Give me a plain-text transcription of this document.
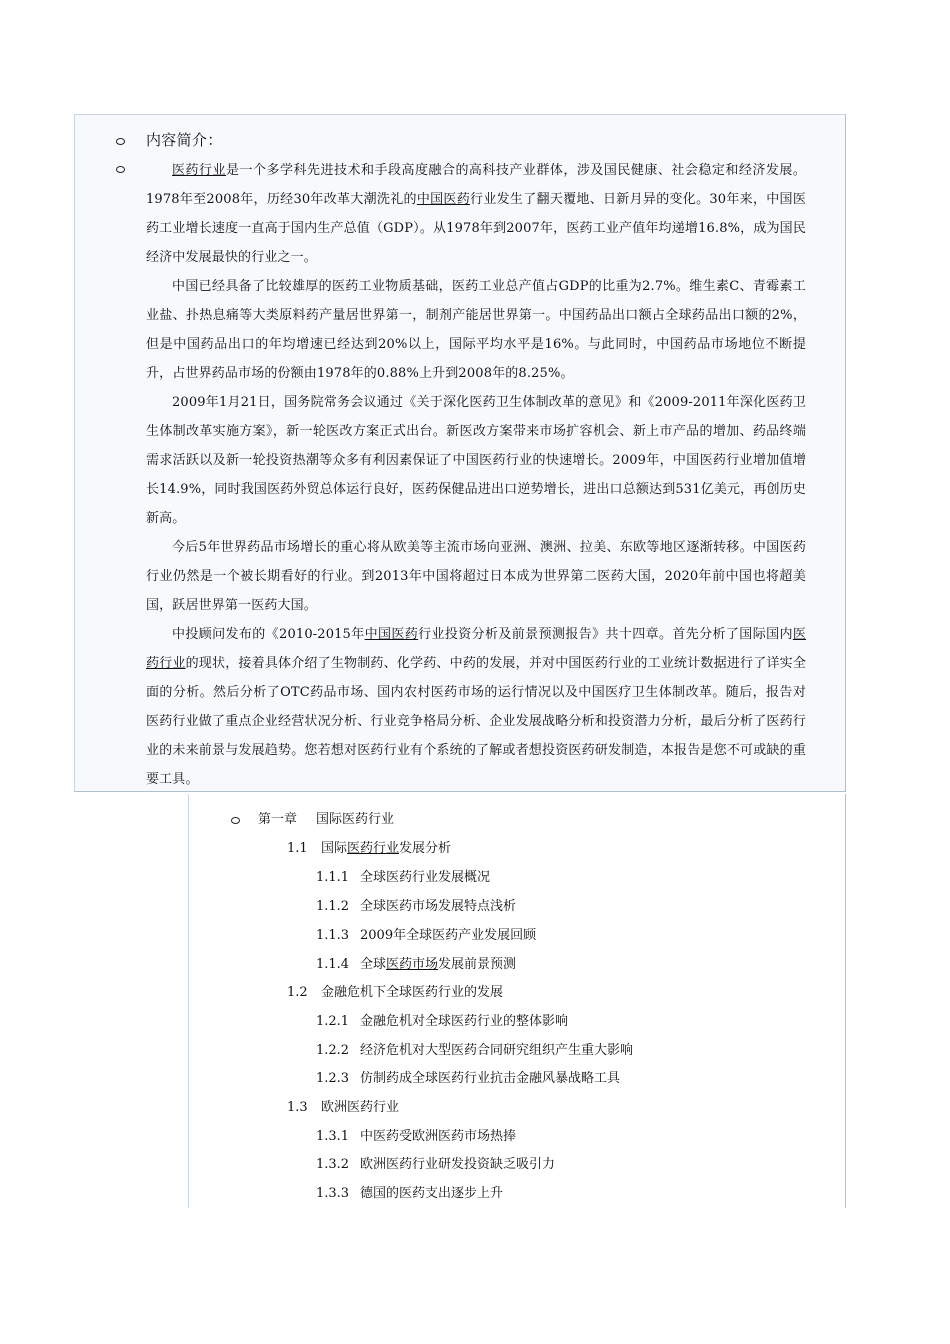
内容简介：

医药行业是一个多学科先进技术和手段高度融合的高科技产业群体，涉及国民健康、社会稳定和经济发展。1978年至2008年，历经30年改革大潮洗礼的中国医药行业发生了翻天覆地、日新月异的变化。30年来，中国医药工业增长速度一直高于国内生产总值（GDP）。从1978年到2007年，医药工业产值年均递增16.8%，成为国民经济中发展最快的行业之一。

中国已经具备了比较雄厚的医药工业物质基础，医药工业总产值占GDP的比重为2.7%。维生素C、青霉素工业盐、扑热息痛等大类原料药产量居世界第一，制剂产能居世界第一。中国药品出口额占全球药品出口额的2%，但是中国药品出口的年均增速已经达到20%以上，国际平均水平是16%。与此同时，中国药品市场地位不断提升，占世界药品市场的份额由1978年的0.88%上升到2008年的8.25%。

2009年1月21日，国务院常务会议通过《关于深化医药卫生体制改革的意见》和《2009-2011年深化医药卫生体制改革实施方案》，新一轮医改方案正式出台。新医改方案带来市场扩容机会、新上市产品的增加、药品终端需求活跃以及新一轮投资热潮等众多有利因素保证了中国医药行业的快速增长。2009年，中国医药行业增加值增长14.9%，同时我国医药外贸总体运行良好，医药保健品进出口逆势增长，进出口总额达到531亿美元，再创历史新高。

今后5年世界药品市场增长的重心将从欧美等主流市场向亚洲、澳洲、拉美、东欧等地区逐渐转移。中国医药行业仍然是一个被长期看好的行业。到2013年中国将超过日本成为世界第二医药大国，2020年前中国也将超美国，跃居世界第一医药大国。

中投顾问发布的《2010-2015年中国医药行业投资分析及前景预测报告》共十四章。首先分析了国际国内医药行业的现状，接着具体介绍了生物制药、化学药、中药的发展，并对中国医药行业的工业统计数据进行了详实全面的分析。然后分析了OTC药品市场、国内农村医药市场的运行情况以及中国医疗卫生体制改革。随后，报告对医药行业做了重点企业经营状况分析、行业竞争格局分析、企业发展战略分析和投资潜力分析，最后分析了医药行业的未来前景与发展趋势。您若想对医药行业有个系统的了解或者想投资医药研发制造，本报告是您不可或缺的重要工具。

第一章 国际医药行业
1.1 国际医药行业发展分析
1.1.1 全球医药行业发展概况
1.1.2 全球医药市场发展特点浅析
1.1.3 2009年全球医药产业发展回顾
1.1.4 全球医药市场发展前景预测
1.2 金融危机下全球医药行业的发展
1.2.1 金融危机对全球医药行业的整体影响
1.2.2 经济危机对大型医药合同研究组织产生重大影响
1.2.3 仿制药成全球医药行业抗击金融风暴战略工具
1.3 欧洲医药行业
1.3.1 中医药受欧洲医药市场热捧
1.3.2 欧洲医药行业研发投资缺乏吸引力
1.3.3 德国的医药支出逐步上升
